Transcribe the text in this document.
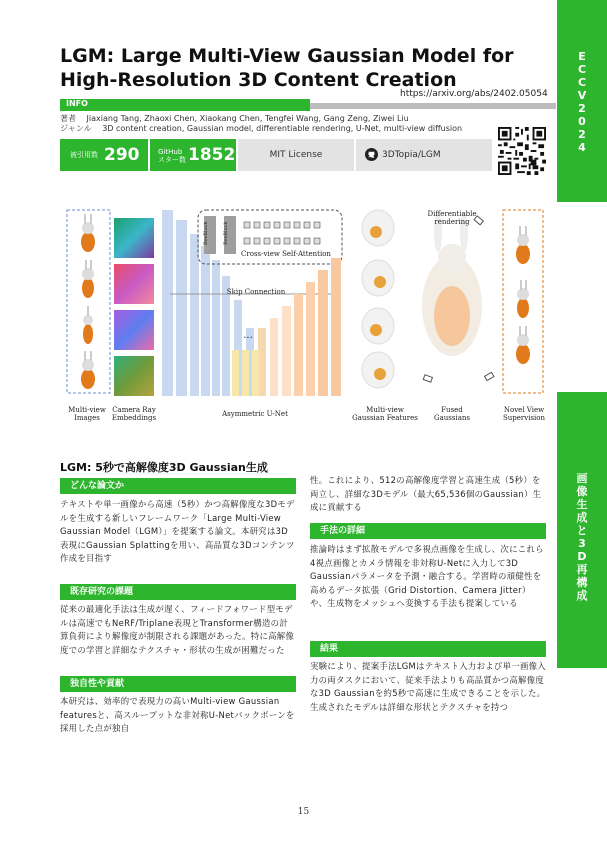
E
C
C
V
2
0
2
4
画
像
生
成
と
3
D
再
構
成
LGM: Large Multi-View Gaussian Model for High-Resolution 3D Content Creation
https://arxiv.org/abs/2402.05054
INFO
著者 Jiaxiang Tang, Zhaoxi Chen, Xiaokang Chen, Tengfei Wang, Gang Zeng, Ziwei Liu
ジャンル 3D content creation, Gaussian model, differentiable rendering, U-Net, multi-view diffusion
被引用数 290	GitHub
スター数 1852	MIT License	3DTopia/LGM
Multi-view
Images
Camera Ray
Embeddings	Asymmetric U-Net	Multi-view
Gaussian Features
Fused
Gaussians
Novel View
Supervision
Differentiable
rendering
Skip Connection
Cross-view Self-Attention
ResBlock	ResBlock
...
LGM: 5秒で高解像度3D Gaussian生成
どんな論文か
テキストや単一画像から高速（5秒）かつ高解像度な3Dモデルを生成する新しいフレームワーク「Large Multi-View Gaussian Model（LGM）」を提案する論文。本研究は3D表現にGaussian Splattingを用い、高品質な3Dコンテンツ作成を目指す
既存研究の課題
従来の最適化手法は生成が遅く、フィードフォワード型モデルは高速でもNeRF/Triplane表現とTransformer構造の計算負荷により解像度が制限される課題があった。特に高解像度での学習と詳細なテクスチャ・形状の生成が困難だった
独自性や貢献
本研究は、効率的で表現力の高いMulti-view Gaussian featuresと、高スループットな非対称U-Netバックボーンを採用した点が独自
性。これにより、512の高解像度学習と高速生成（5秒）を両立し、詳細な3Dモデル（最大65,536個のGaussian）生成に貢献する
手法の詳細
推論時はまず拡散モデルで多視点画像を生成し、次にこれら4視点画像とカメラ情報を非対称U-Netに入力して3D Gaussianパラメータを予測・融合する。学習時の頑健性を高めるデータ拡張（Grid Distortion、Camera Jitter）や、生成物をメッシュへ変換する手法も提案している
結果
実験により、提案手法LGMはテキスト入力および単一画像入力の両タスクにおいて、従来手法よりも高品質かつ高解像度な3D Gaussianを約5秒で高速に生成できることを示した。生成されたモデルは詳細な形状とテクスチャを持つ
15
